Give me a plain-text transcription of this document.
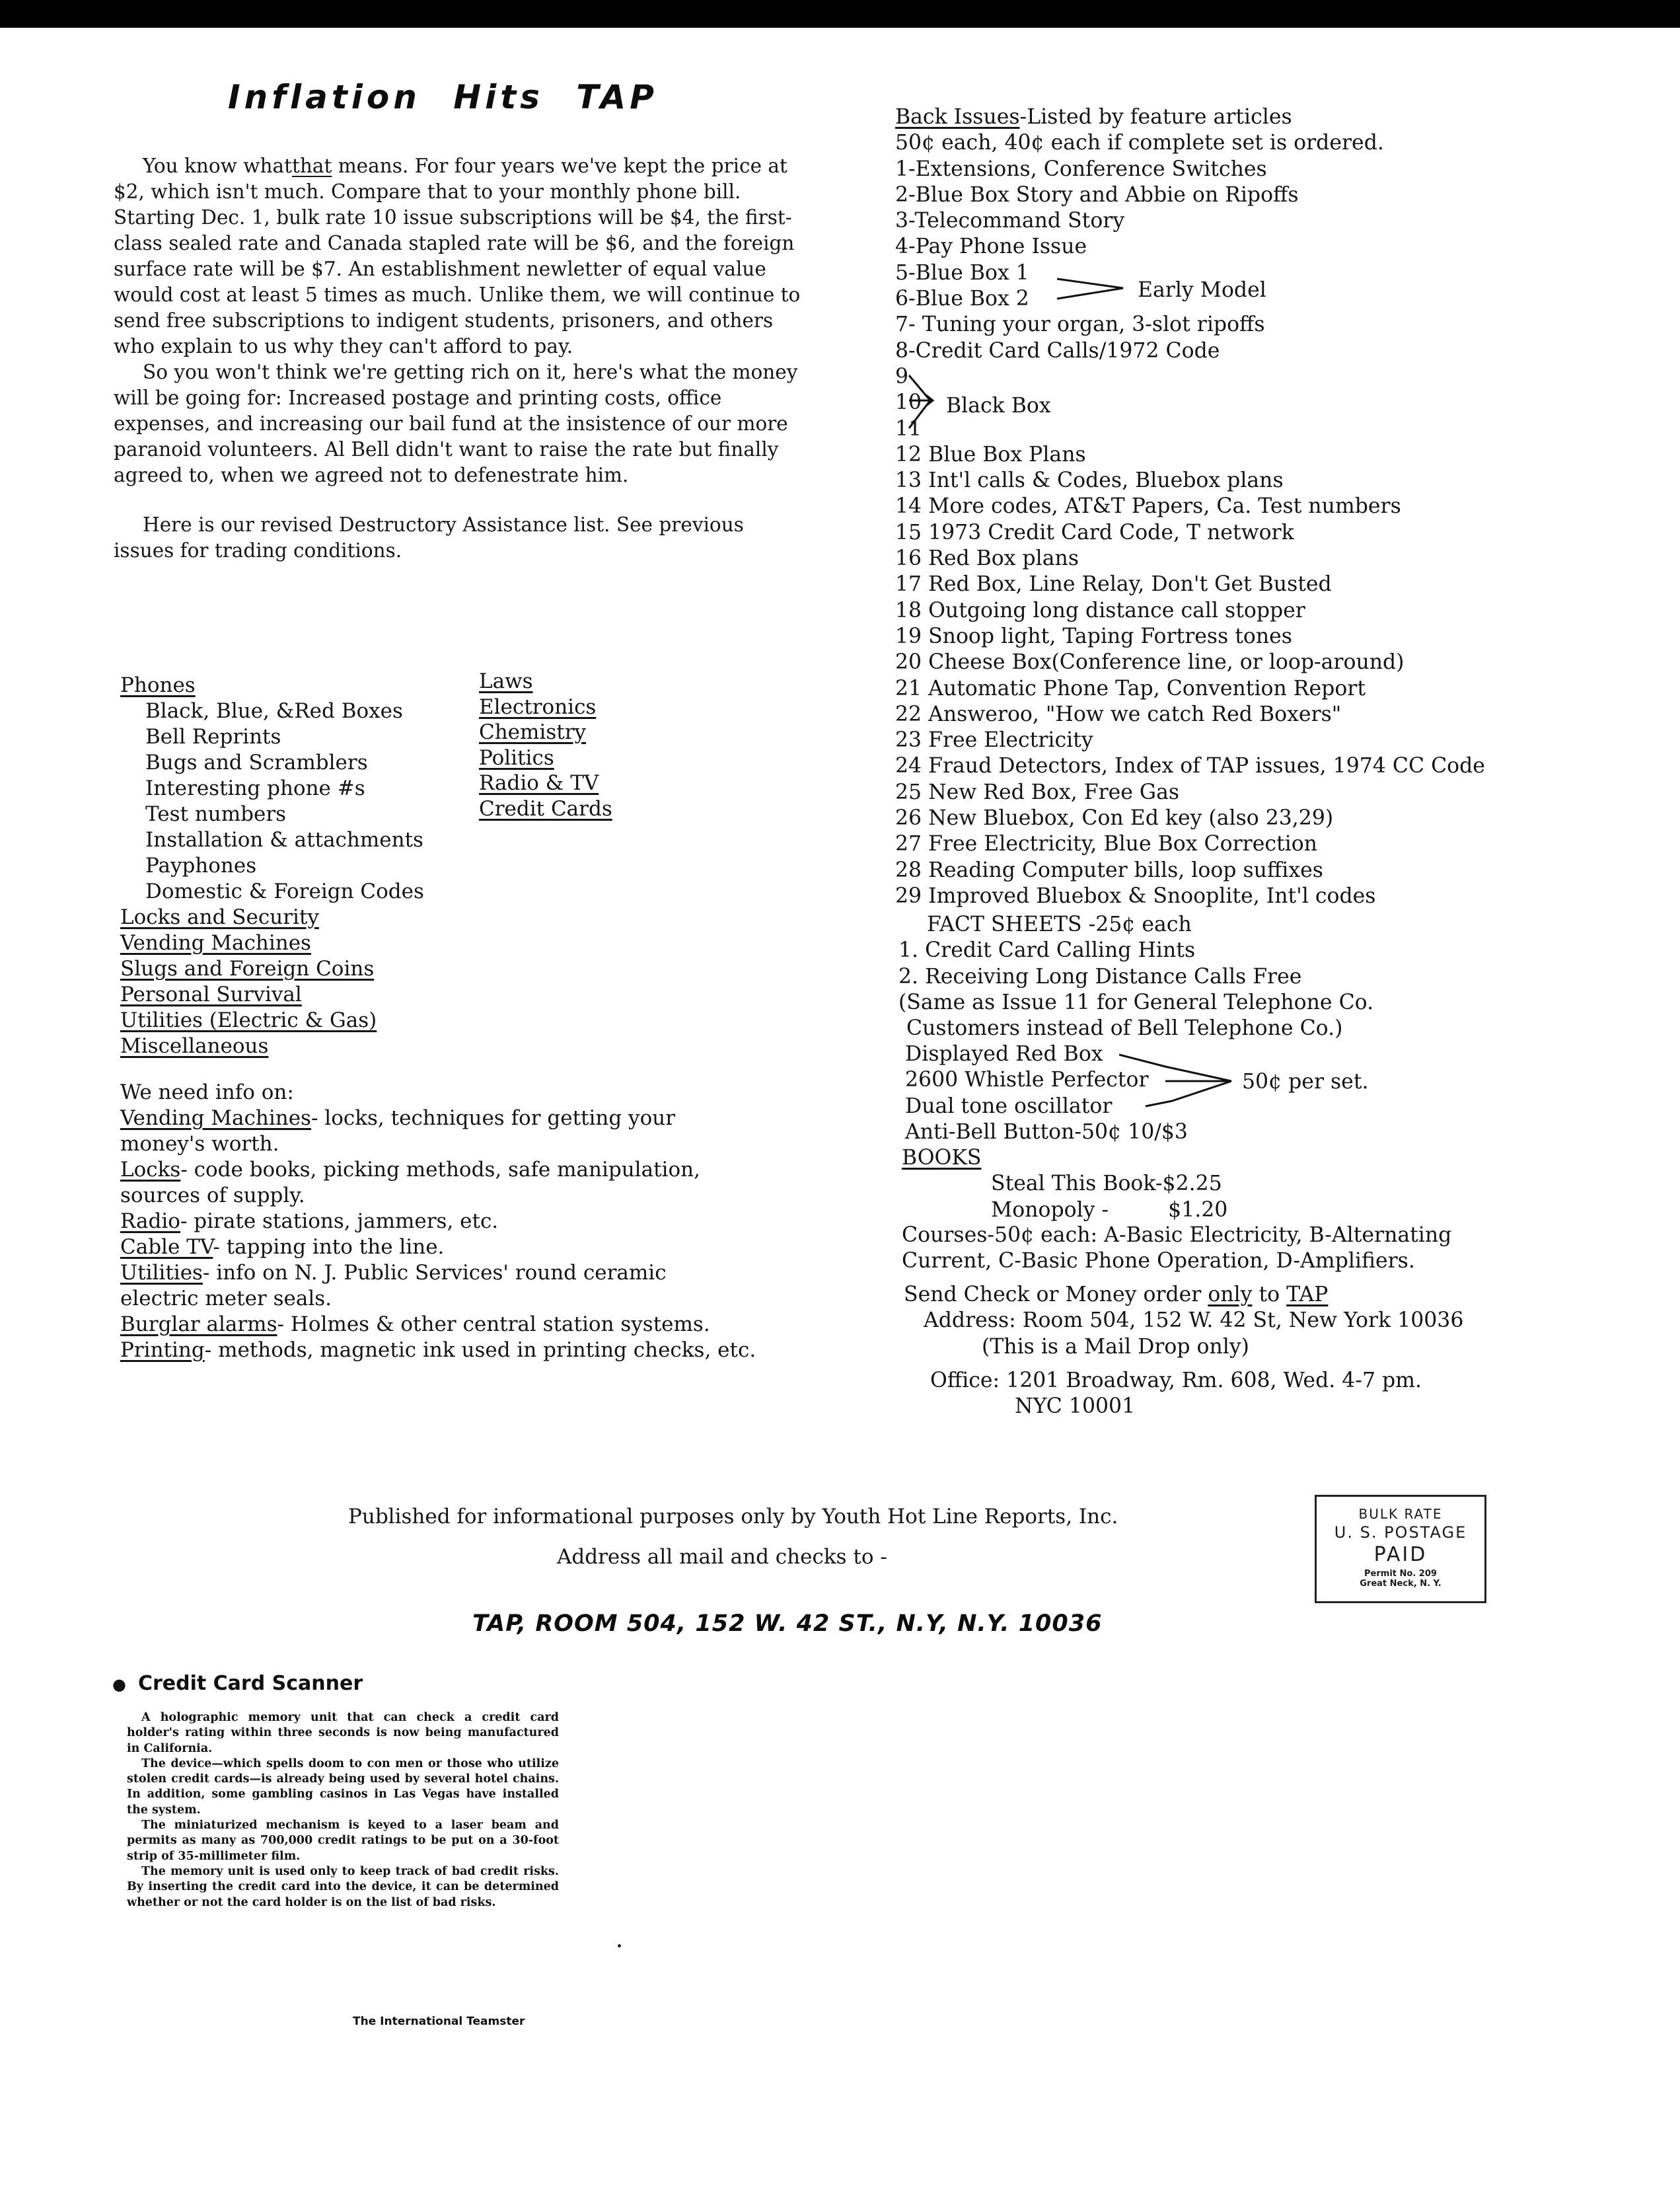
Inflation Hits TAP

You know whatthat means. For four years we've kept the price at $2, which isn't much. Compare that to your monthly phone bill. Starting Dec. 1, bulk rate 10 issue subscriptions will be $4, the first-class sealed rate and Canada stapled rate will be $6, and the foreign surface rate will be $7. An establishment newletter of equal value would cost at least 5 times as much. Unlike them, we will continue to send free subscriptions to indigent students, prisoners, and others who explain to us why they can't afford to pay.

So you won't think we're getting rich on it, here's what the money will be going for: Increased postage and printing costs, office expenses, and increasing our bail fund at the insistence of our more paranoid volunteers. Al Bell didn't want to raise the rate but finally agreed to, when we agreed not to defenestrate him.

Here is our revised Destructory Assistance list. See previous issues for trading conditions.

Phones
Black, Blue, &Red Boxes
Bell Reprints
Bugs and Scramblers
Interesting phone #s
Test numbers
Installation & attachments
Payphones
Domestic & Foreign Codes
Locks and Security
Vending Machines
Slugs and Foreign Coins
Personal Survival
Utilities (Electric & Gas)
Miscellaneous
Laws
Electronics
Chemistry
Politics
Radio & TV
Credit Cards
We need info on:
Vending Machines- locks, techniques for getting your
money's worth.
Locks- code books, picking methods, safe manipulation,
sources of supply.
Radio- pirate stations, jammers, etc.
Cable TV- tapping into the line.
Utilities- info on N. J. Public Services' round ceramic
electric meter seals.
Burglar alarms- Holmes & other central station systems.
Printing- methods, magnetic ink used in printing checks, etc.
Back Issues-Listed by feature articles
50¢ each, 40¢ each if complete set is ordered.
1-Extensions, Conference Switches
2-Blue Box Story and Abbie on Ripoffs
3-Telecommand Story
4-Pay Phone Issue
5-Blue Box 1
6-Blue Box 2
7- Tuning your organ, 3-slot ripoffs
8-Credit Card Calls/1972 Code
9
10
11
12 Blue Box Plans
13 Int'l calls & Codes, Bluebox plans
14 More codes, AT&T Papers, Ca. Test numbers
15 1973 Credit Card Code, T network
16 Red Box plans
17 Red Box, Line Relay, Don't Get Busted
18 Outgoing long distance call stopper
19 Snoop light, Taping Fortress tones
20 Cheese Box(Conference line, or loop-around)
21 Automatic Phone Tap, Convention Report
22 Answeroo, "How we catch Red Boxers"
23 Free Electricity
24 Fraud Detectors, Index of TAP issues, 1974 CC Code
25 New Red Box, Free Gas
26 New Bluebox, Con Ed key (also 23,29)
27 Free Electricity, Blue Box Correction
28 Reading Computer bills, loop suffixes
29 Improved Bluebox & Snooplite, Int'l codes
Early Model
Black Box
FACT SHEETS -25¢ each
1. Credit Card Calling Hints
2. Receiving Long Distance Calls Free
(Same as Issue 11 for General Telephone Co.
Customers instead of Bell Telephone Co.)
Displayed Red Box
2600 Whistle Perfector
Dual tone oscillator
Anti-Bell Button-50¢ 10/$3
50¢ per set.
BOOKS
Steal This Book-$2.25
Monopoly -	$1.20
Courses-50¢ each: A-Basic Electricity, B-Alternating
Current, C-Basic Phone Operation, D-Amplifiers.
Send Check or Money order only to TAP
Address: Room 504, 152 W. 42 St, New York 10036
(This is a Mail Drop only)
Office: 1201 Broadway, Rm. 608, Wed. 4-7 pm.
NYC 10001
Published for informational purposes only by Youth Hot Line Reports, Inc.
Address all mail and checks to -
TAP, ROOM 504, 152 W. 42 ST., N.Y, N.Y. 10036
BULK RATE
U. S. POSTAGE
PAID
Permit No. 209
Great Neck, N. Y.
● Credit Card Scanner

A holographic memory unit that can check a credit card holder's rating within three seconds is now being manufactured in California.

The device—which spells doom to con men or those who utilize stolen credit cards—is already being used by several hotel chains. In addition, some gambling casinos in Las Vegas have installed the system.

The miniaturized mechanism is keyed to a laser beam and permits as many as 700,000 credit ratings to be put on a 30-foot strip of 35-millimeter film.

The memory unit is used only to keep track of bad credit risks. By inserting the credit card into the device, it can be determined whether or not the card holder is on the list of bad risks.

The International Teamster
